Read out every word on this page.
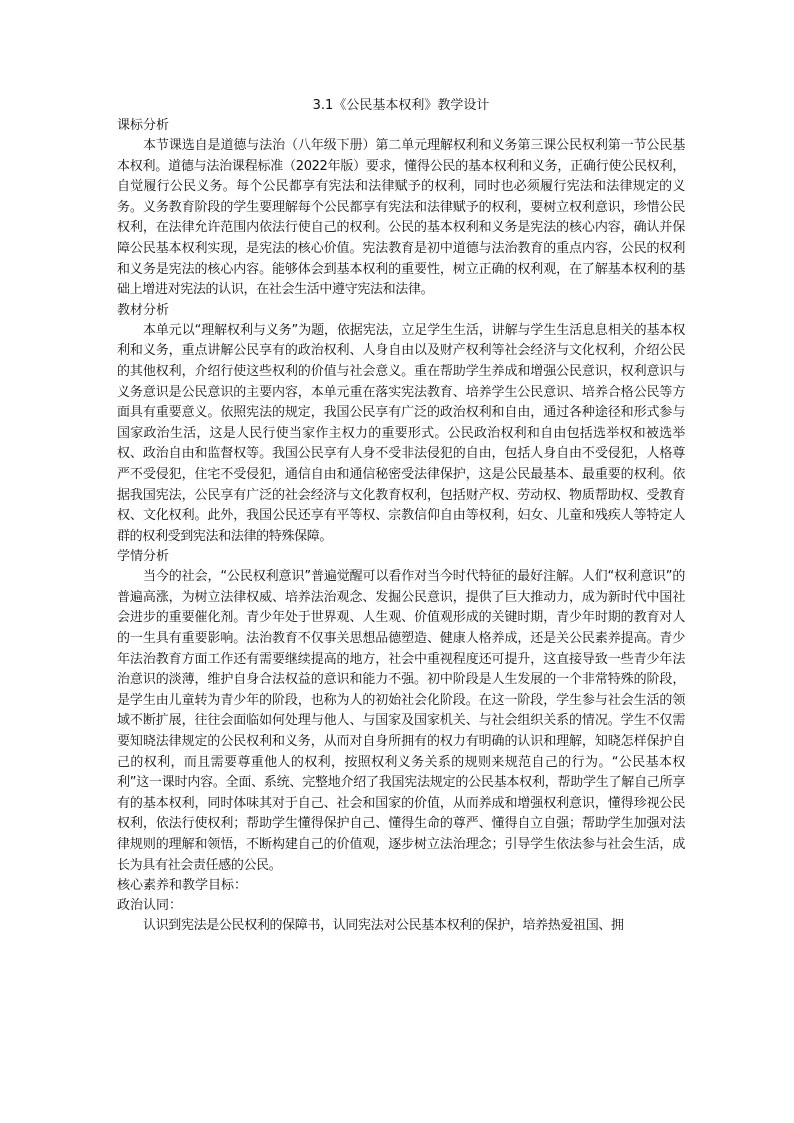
3.1《公民基本权利》教学设计
课标分析

本节课选自是道德与法治（八年级下册）第二单元理解权利和义务第三课公民权利第一节公民基本权利。道德与法治课程标准（2022年版）要求，懂得公民的基本权利和义务，正确行使公民权利，自觉履行公民义务。每个公民都享有宪法和法律赋予的权利，同时也必须履行宪法和法律规定的义务。义务教育阶段的学生要理解每个公民都享有宪法和法律赋予的权利，要树立权利意识，珍惜公民权利，在法律允许范围内依法行使自己的权利。公民的基本权利和义务是宪法的核心内容，确认并保障公民基本权利实现，是宪法的核心价值。宪法教育是初中道德与法治教育的重点内容，公民的权利和义务是宪法的核心内容。能够体会到基本权利的重要性，树立正确的权利观，在了解基本权利的基础上增进对宪法的认识，在社会生活中遵守宪法和法律。

教材分析

本单元以“理解权利与义务”为题，依据宪法，立足学生生活，讲解与学生生活息息相关的基本权利和义务，重点讲解公民享有的政治权利、人身自由以及财产权利等社会经济与文化权利，介绍公民的其他权利，介绍行使这些权利的价值与社会意义。重在帮助学生养成和增强公民意识，权利意识与义务意识是公民意识的主要内容，本单元重在落实宪法教育、培养学生公民意识、培养合格公民等方面具有重要意义。依照宪法的规定，我国公民享有广泛的政治权利和自由，通过各种途径和形式参与国家政治生活，这是人民行使当家作主权力的重要形式。公民政治权利和自由包括选举权和被选举权、政治自由和监督权等。我国公民享有人身不受非法侵犯的自由，包括人身自由不受侵犯，人格尊严不受侵犯，住宅不受侵犯，通信自由和通信秘密受法律保护，这是公民最基本、最重要的权利。依据我国宪法，公民享有广泛的社会经济与文化教育权利，包括财产权、劳动权、物质帮助权、受教育权、文化权利。此外，我国公民还享有平等权、宗教信仰自由等权利，妇女、儿童和残疾人等特定人群的权利受到宪法和法律的特殊保障。

学情分析

当今的社会，“公民权利意识”普遍觉醒可以看作对当今时代特征的最好注解。人们“权利意识”的普遍高涨，为树立法律权威、培养法治观念、发掘公民意识，提供了巨大推动力，成为新时代中国社会进步的重要催化剂。青少年处于世界观、人生观、价值观形成的关键时期，青少年时期的教育对人的一生具有重要影响。法治教育不仅事关思想品德塑造、健康人格养成，还是关公民素养提高。青少年法治教育方面工作还有需要继续提高的地方，社会中重视程度还可提升，这直接导致一些青少年法治意识的淡薄，维护自身合法权益的意识和能力不强。初中阶段是人生发展的一个非常特殊的阶段，是学生由儿童转为青少年的阶段，也称为人的初始社会化阶段。在这一阶段，学生参与社会生活的领域不断扩展，往往会面临如何处理与他人、与国家及国家机关、与社会组织关系的情况。学生不仅需要知晓法律规定的公民权利和义务，从而对自身所拥有的权力有明确的认识和理解，知晓怎样保护自己的权利，而且需要尊重他人的权利，按照权利义务关系的规则来规范自己的行为。“公民基本权利”这一课时内容。全面、系统、完整地介绍了我国宪法规定的公民基本权利，帮助学生了解自己所享有的基本权利，同时体味其对于自己、社会和国家的价值，从而养成和增强权利意识，懂得珍视公民权利，依法行使权利；帮助学生懂得保护自己、懂得生命的尊严、懂得自立自强；帮助学生加强对法律规则的理解和领悟，不断构建自己的价值观，逐步树立法治理念；引导学生依法参与社会生活，成长为具有社会责任感的公民。

核心素养和教学目标：
政治认同：

认识到宪法是公民权利的保障书，认同宪法对公民基本权利的保护，培养热爱祖国、拥
